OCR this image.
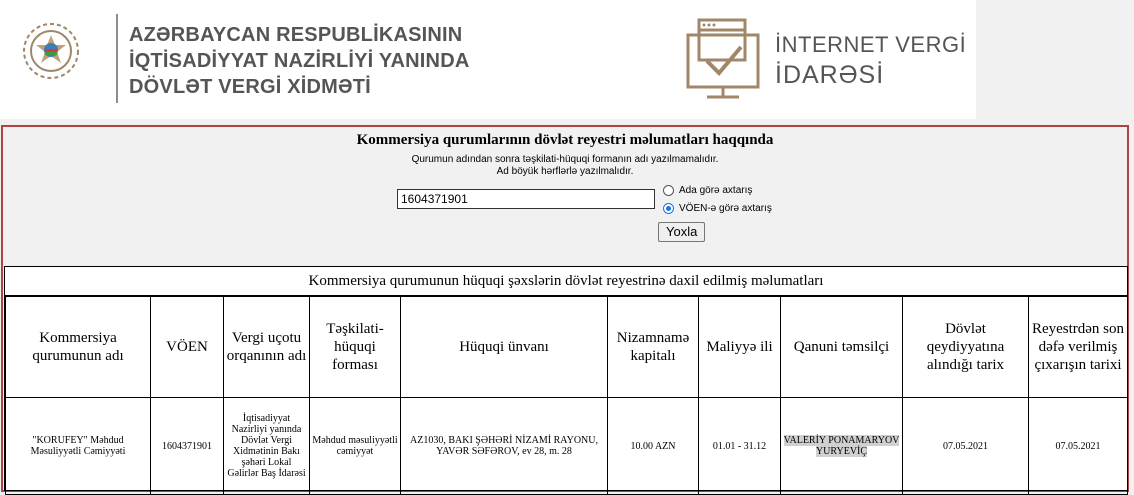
AZƏRBAYCAN RESPUBLİKASININ
İQTİSADİYYAT NAZİRLİYİ YANINDA
DÖVLƏT VERGİ XİDMƏTİ
İNTERNET VERGİ
İDARƏSİ
Kommersiya qurumlarının dövlət reyestri məlumatları haqqında
Qurumun adından sonra təşkilati-hüquqi formanın adı yazılmamalıdır.
Ad böyük hərflərlə yazılmalıdır.
1604371901
Ada görə axtarış
VÖEN-ə görə axtarış
Yoxla
Kommersiya qurumunun hüquqi şəxslərin dövlət reyestrinə daxil edilmiş məlumatları
Kommersiya qurumunun adı	VÖEN	Vergi uçotu orqanının adı	Təşkilati-hüquqi forması	Hüquqi ünvanı	Nizamnamə kapitalı	Maliyyə ili	Qanuni təmsilçi	Dövlət qeydiyyatına alındığı tarix	Reyestrdən son dəfə verilmiş çıxarışın tarixi
"KORUFEY" Məhdud Məsuliyyətli Cəmiyyəti	1604371901	İqtisadiyyat Nazirliyi yanında Dövlət Vergi Xidmətinin Bakı şəhəri Lokal Gəlirlər Baş İdarəsi	Məhdud məsuliyyətli cəmiyyət	AZ1030, BAKI ŞƏHƏRİ NİZAMİ RAYONU, YAVƏR SƏFƏROV, ev 28, m. 28	10.00 AZN	01.01 - 31.12	VALERİY PONAMARYOV YURYEVİÇ	07.05.2021	07.05.2021
